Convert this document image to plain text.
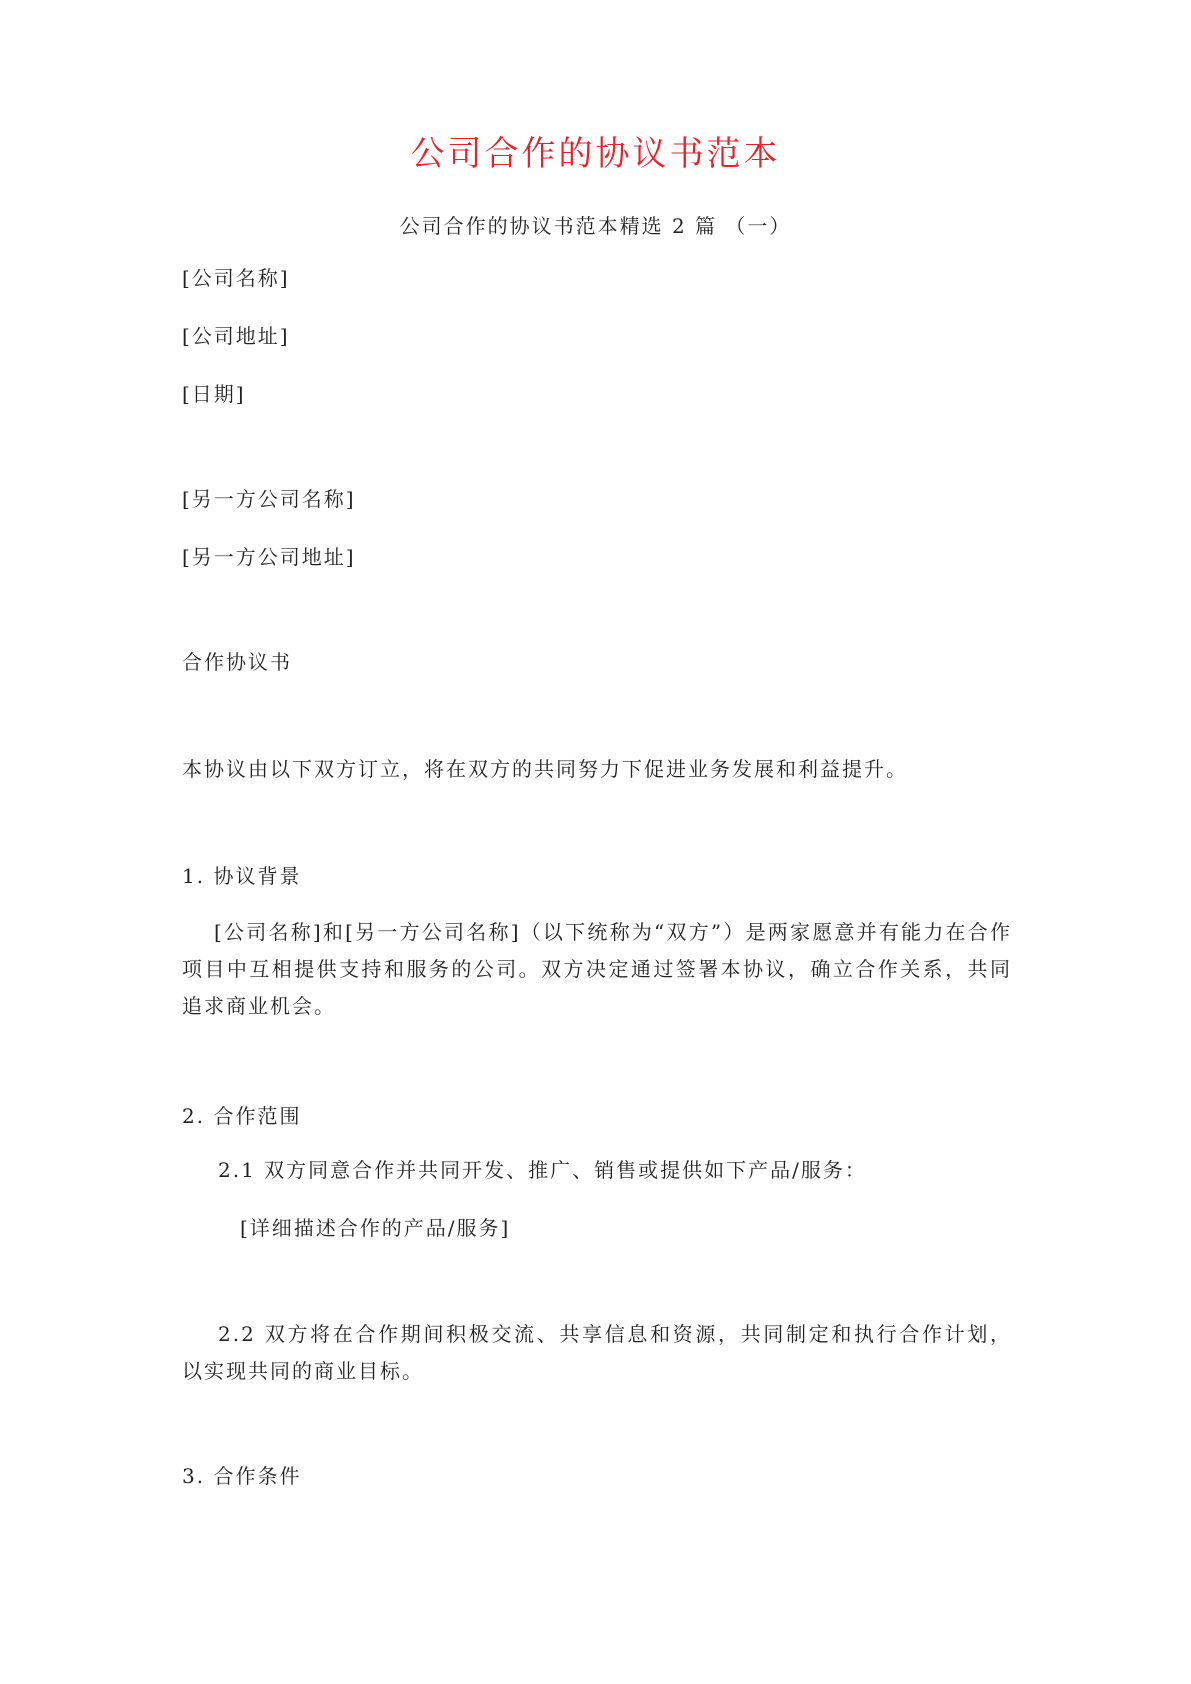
公司合作的协议书范本
公司合作的协议书范本精选 2 篇 （一）
[公司名称]
[公司地址]
[日期]
[另一方公司名称]
[另一方公司地址]
合作协议书
本协议由以下双方订立，将在双方的共同努力下促进业务发展和利益提升。
1. 协议背景
[公司名称]和[另一方公司名称]（以下统称为“双方”）是两家愿意并有能力在合作项目中互相提供支持和服务的公司。双方决定通过签署本协议，确立合作关系，共同追求商业机会。
2. 合作范围
2.1 双方同意合作并共同开发、推广、销售或提供如下产品/服务：
[详细描述合作的产品/服务]
2.2 双方将在合作期间积极交流、共享信息和资源，共同制定和执行合作计划，以实现共同的商业目标。
3. 合作条件
